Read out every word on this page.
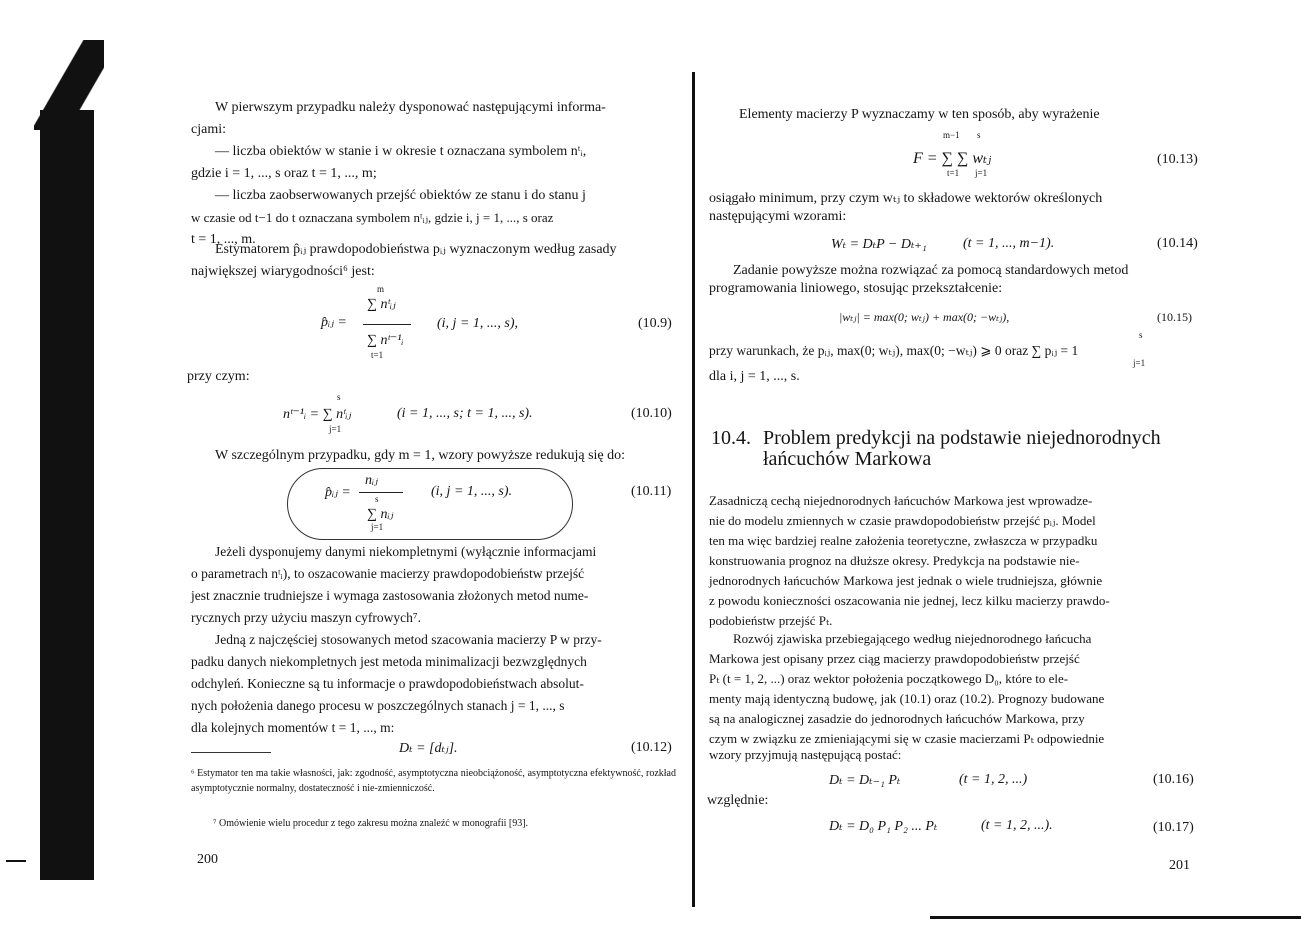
W pierwszym przypadku należy dysponować następującymi informa-
cjami:
— liczba obiektów w stanie i w okresie t oznaczana symbolem nᵗᵢ,
gdzie i = 1, ..., s oraz t = 1, ..., m;
— liczba zaobserwowanych przejść obiektów ze stanu i do stanu j
w czasie od t−1 do t oznaczana symbolem nᵗᵢⱼ, gdzie i, j = 1, ..., s oraz
t = 1, ..., m.
Estymatorem p̂ᵢⱼ prawdopodobieństwa pᵢⱼ wyznaczonym według zasady
największej wiarygodności⁶ jest:
m
∑ nᵗᵢⱼ
p̂ᵢⱼ =
∑ nᵗ⁻¹ᵢ
t=1
(i, j = 1, ..., s),	(10.9)
przy czym:
s
nᵗ⁻¹ᵢ = ∑ nᵗᵢⱼ
j=1
(i = 1, ..., s; t = 1, ..., s).	(10.10)
W szczególnym przypadku, gdy m = 1, wzory powyższe redukują się do:
nᵢⱼ
p̂ᵢⱼ =	s
∑ nᵢⱼ
j=1
(i, j = 1, ..., s).	(10.11)
Jeżeli dysponujemy danymi niekompletnymi (wyłącznie informacjami
o parametrach nᵗᵢ), to oszacowanie macierzy prawdopodobieństw przejść
jest znacznie trudniejsze i wymaga zastosowania złożonych metod nume-
rycznych przy użyciu maszyn cyfrowych⁷.
Jedną z najczęściej stosowanych metod szacowania macierzy P w przy-
padku danych niekompletnych jest metoda minimalizacji bezwzględnych
odchyleń. Konieczne są tu informacje o prawdopodobieństwach absolut-
nych położenia danego procesu w poszczególnych stanach j = 1, ..., s
dla kolejnych momentów t = 1, ..., m:
Dₜ = [dₜⱼ].	(10.12)
⁶ Estymator ten ma takie własności, jak: zgodność, asymptotyczna nieobciążoność, asymptotyczna efektywność, rozkład asymptotycznie normalny, dostateczność i nie-zmienniczość.
⁷ Omówienie wielu procedur z tego zakresu można znaleźć w monografii [93].
200
Elementy macierzy P wyznaczamy w ten sposób, aby wyrażenie
m−1 s
F = ∑ ∑ wₜⱼ
t=1 j=1
(10.13)
osiągało minimum, przy czym wₜⱼ to składowe wektorów określonych
następującymi wzorami:
Wₜ = DₜP − Dₜ₊₁	(t = 1, ..., m−1).	(10.14)
Zadanie powyższe można rozwiązać za pomocą standardowych metod
programowania liniowego, stosując przekształcenie:
|wₜⱼ| = max(0; wₜⱼ) + max(0; −wₜⱼ),	(10.15)
s
przy warunkach, że pᵢⱼ, max(0; wₜⱼ), max(0; −wₜⱼ) ⩾ 0 oraz ∑ pᵢⱼ = 1
j=1
dla i, j = 1, ..., s.
10.4. Problem predykcji na podstawie niejednorodnych
łańcuchów Markowa
Zasadniczą cechą niejednorodnych łańcuchów Markowa jest wprowadze-
nie do modelu zmiennych w czasie prawdopodobieństw przejść pᵢⱼ. Model
ten ma więc bardziej realne założenia teoretyczne, zwłaszcza w przypadku
konstruowania prognoz na dłuższe okresy. Predykcja na podstawie nie-
jednorodnych łańcuchów Markowa jest jednak o wiele trudniejsza, głównie
z powodu konieczności oszacowania nie jednej, lecz kilku macierzy prawdo-
podobieństw przejść Pₜ.
Rozwój zjawiska przebiegającego według niejednorodnego łańcucha
Markowa jest opisany przez ciąg macierzy prawdopodobieństw przejść
Pₜ (t = 1, 2, ...) oraz wektor położenia początkowego D₀, które to ele-
menty mają identyczną budowę, jak (10.1) oraz (10.2). Prognozy budowane
są na analogicznej zasadzie do jednorodnych łańcuchów Markowa, przy
czym w związku ze zmieniającymi się w czasie macierzami Pₜ odpowiednie
wzory przyjmują następującą postać:
Dₜ = Dₜ₋₁ Pₜ	(t = 1, 2, ...)	(10.16)
względnie:
Dₜ = D₀ P₁ P₂ ... Pₜ	(t = 1, 2, ...).	(10.17)
201
